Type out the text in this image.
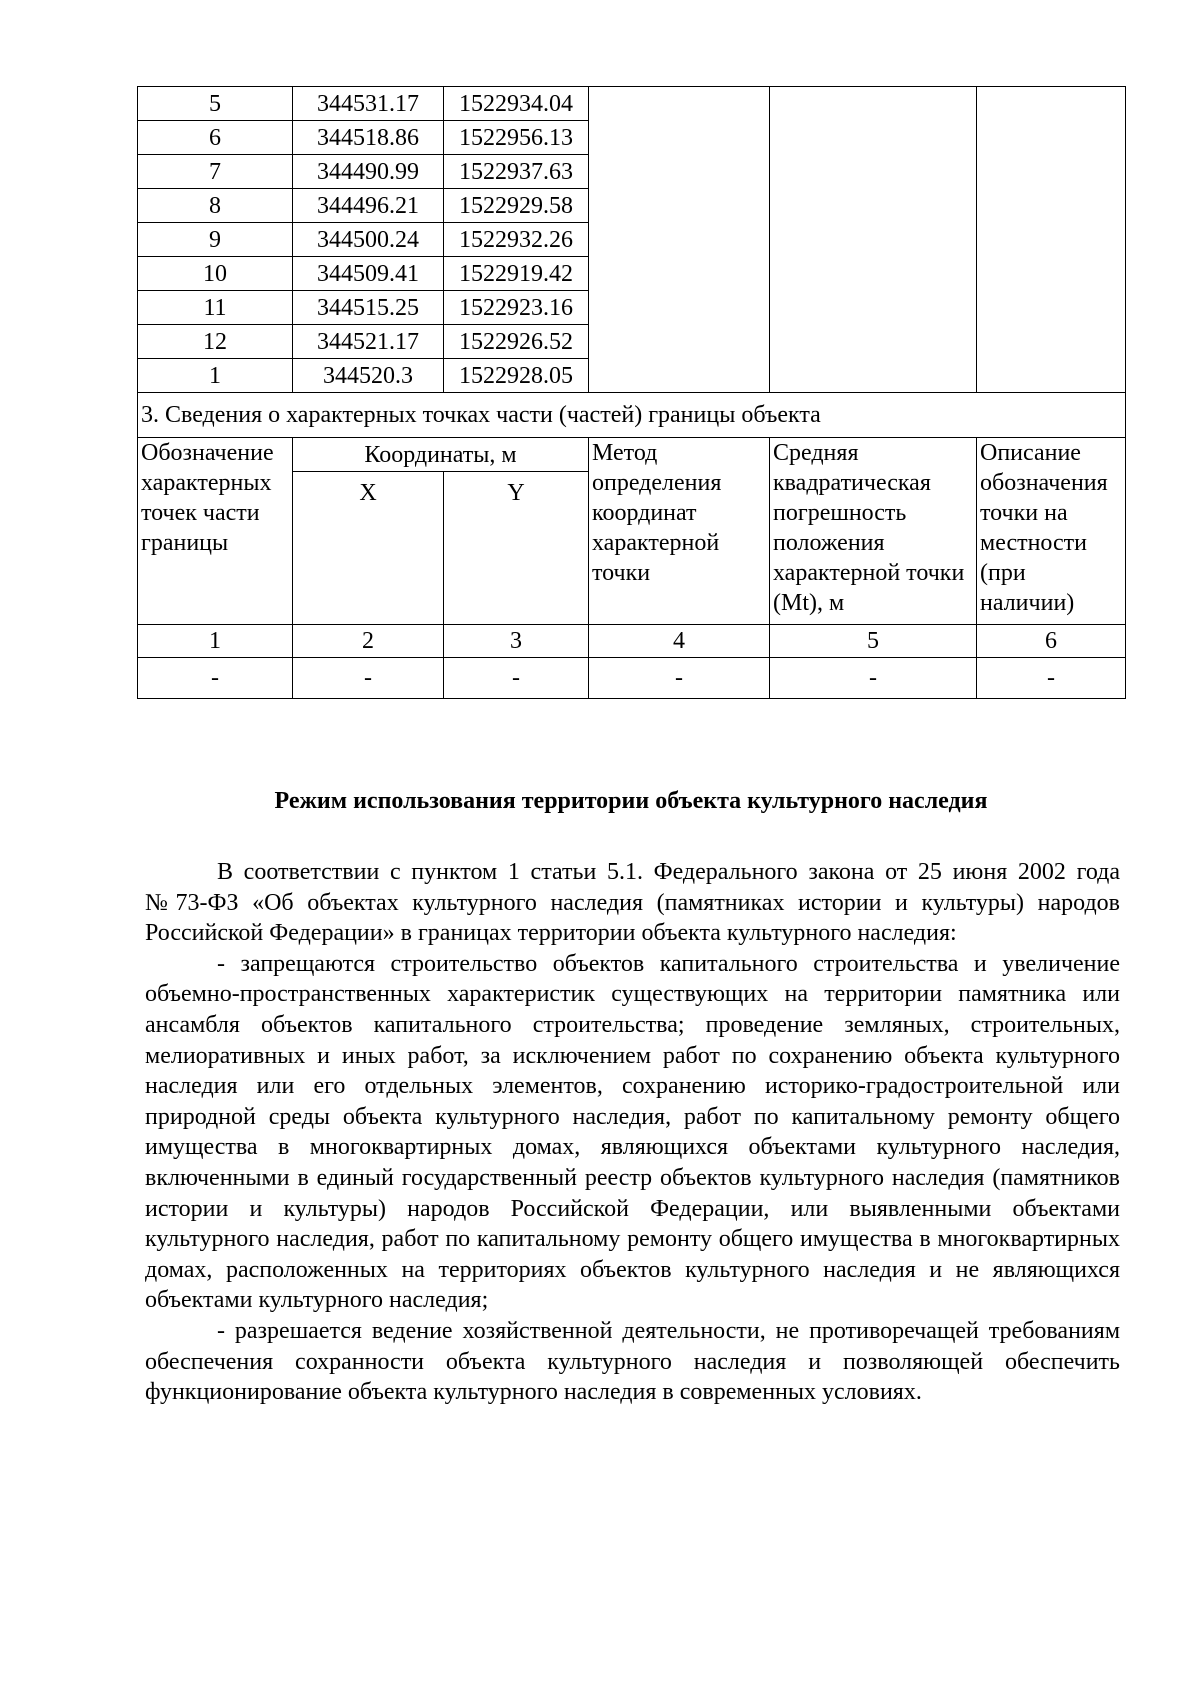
5	344531.17	1522934.04			
6	344518.86	1522956.13			
7	344490.99	1522937.63			
8	344496.21	1522929.58			
9	344500.24	1522932.26			
10	344509.41	1522919.42			
11	344515.25	1522923.16			
12	344521.17	1522926.52			
1	344520.3	1522928.05			
3. Сведения о характерных точках части (частей) границы объекта					
Обозначение характерных точек части границы	Координаты, м		Метод определения координат характерной точки	Средняя квадратическая погрешность положения характерной точки (Mt), м	Описание обозначения точки на местности (при наличии)
	X	Y			
1	2	3	4	5	6
-	-	-	-	-	-
Режим использования территории объекта культурного наследия

В соответствии с пунктом 1 статьи 5.1. Федерального закона от 25 июня 2002 года №73-ФЗ «Об объектах культурного наследия (памятниках истории и культуры) народов Российской Федерации» в границах территории объекта культурного наследия:

- запрещаются строительство объектов капитального строительства и увеличение объемно-пространственных характеристик существующих на территории памятника или ансамбля объектов капитального строительства; проведение земляных, строительных, мелиоративных и иных работ, за исключением работ по сохранению объекта культурного наследия или его отдельных элементов, сохранению историко-градостроительной или природной среды объекта культурного наследия, работ по капитальному ремонту общего имущества в многоквартирных домах, являющихся объектами культурного наследия, включенными в единый государственный реестр объектов культурного наследия (памятников истории и культуры) народов Российской Федерации, или выявленными объектами культурного наследия, работ по капитальному ремонту общего имущества в многоквартирных домах, расположенных на территориях объектов культурного наследия и не являющихся объектами культурного наследия;

- разрешается ведение хозяйственной деятельности, не противоречащей требованиям обеспечения сохранности объекта культурного наследия и позволяющей обеспечить функционирование объекта культурного наследия в современных условиях.
